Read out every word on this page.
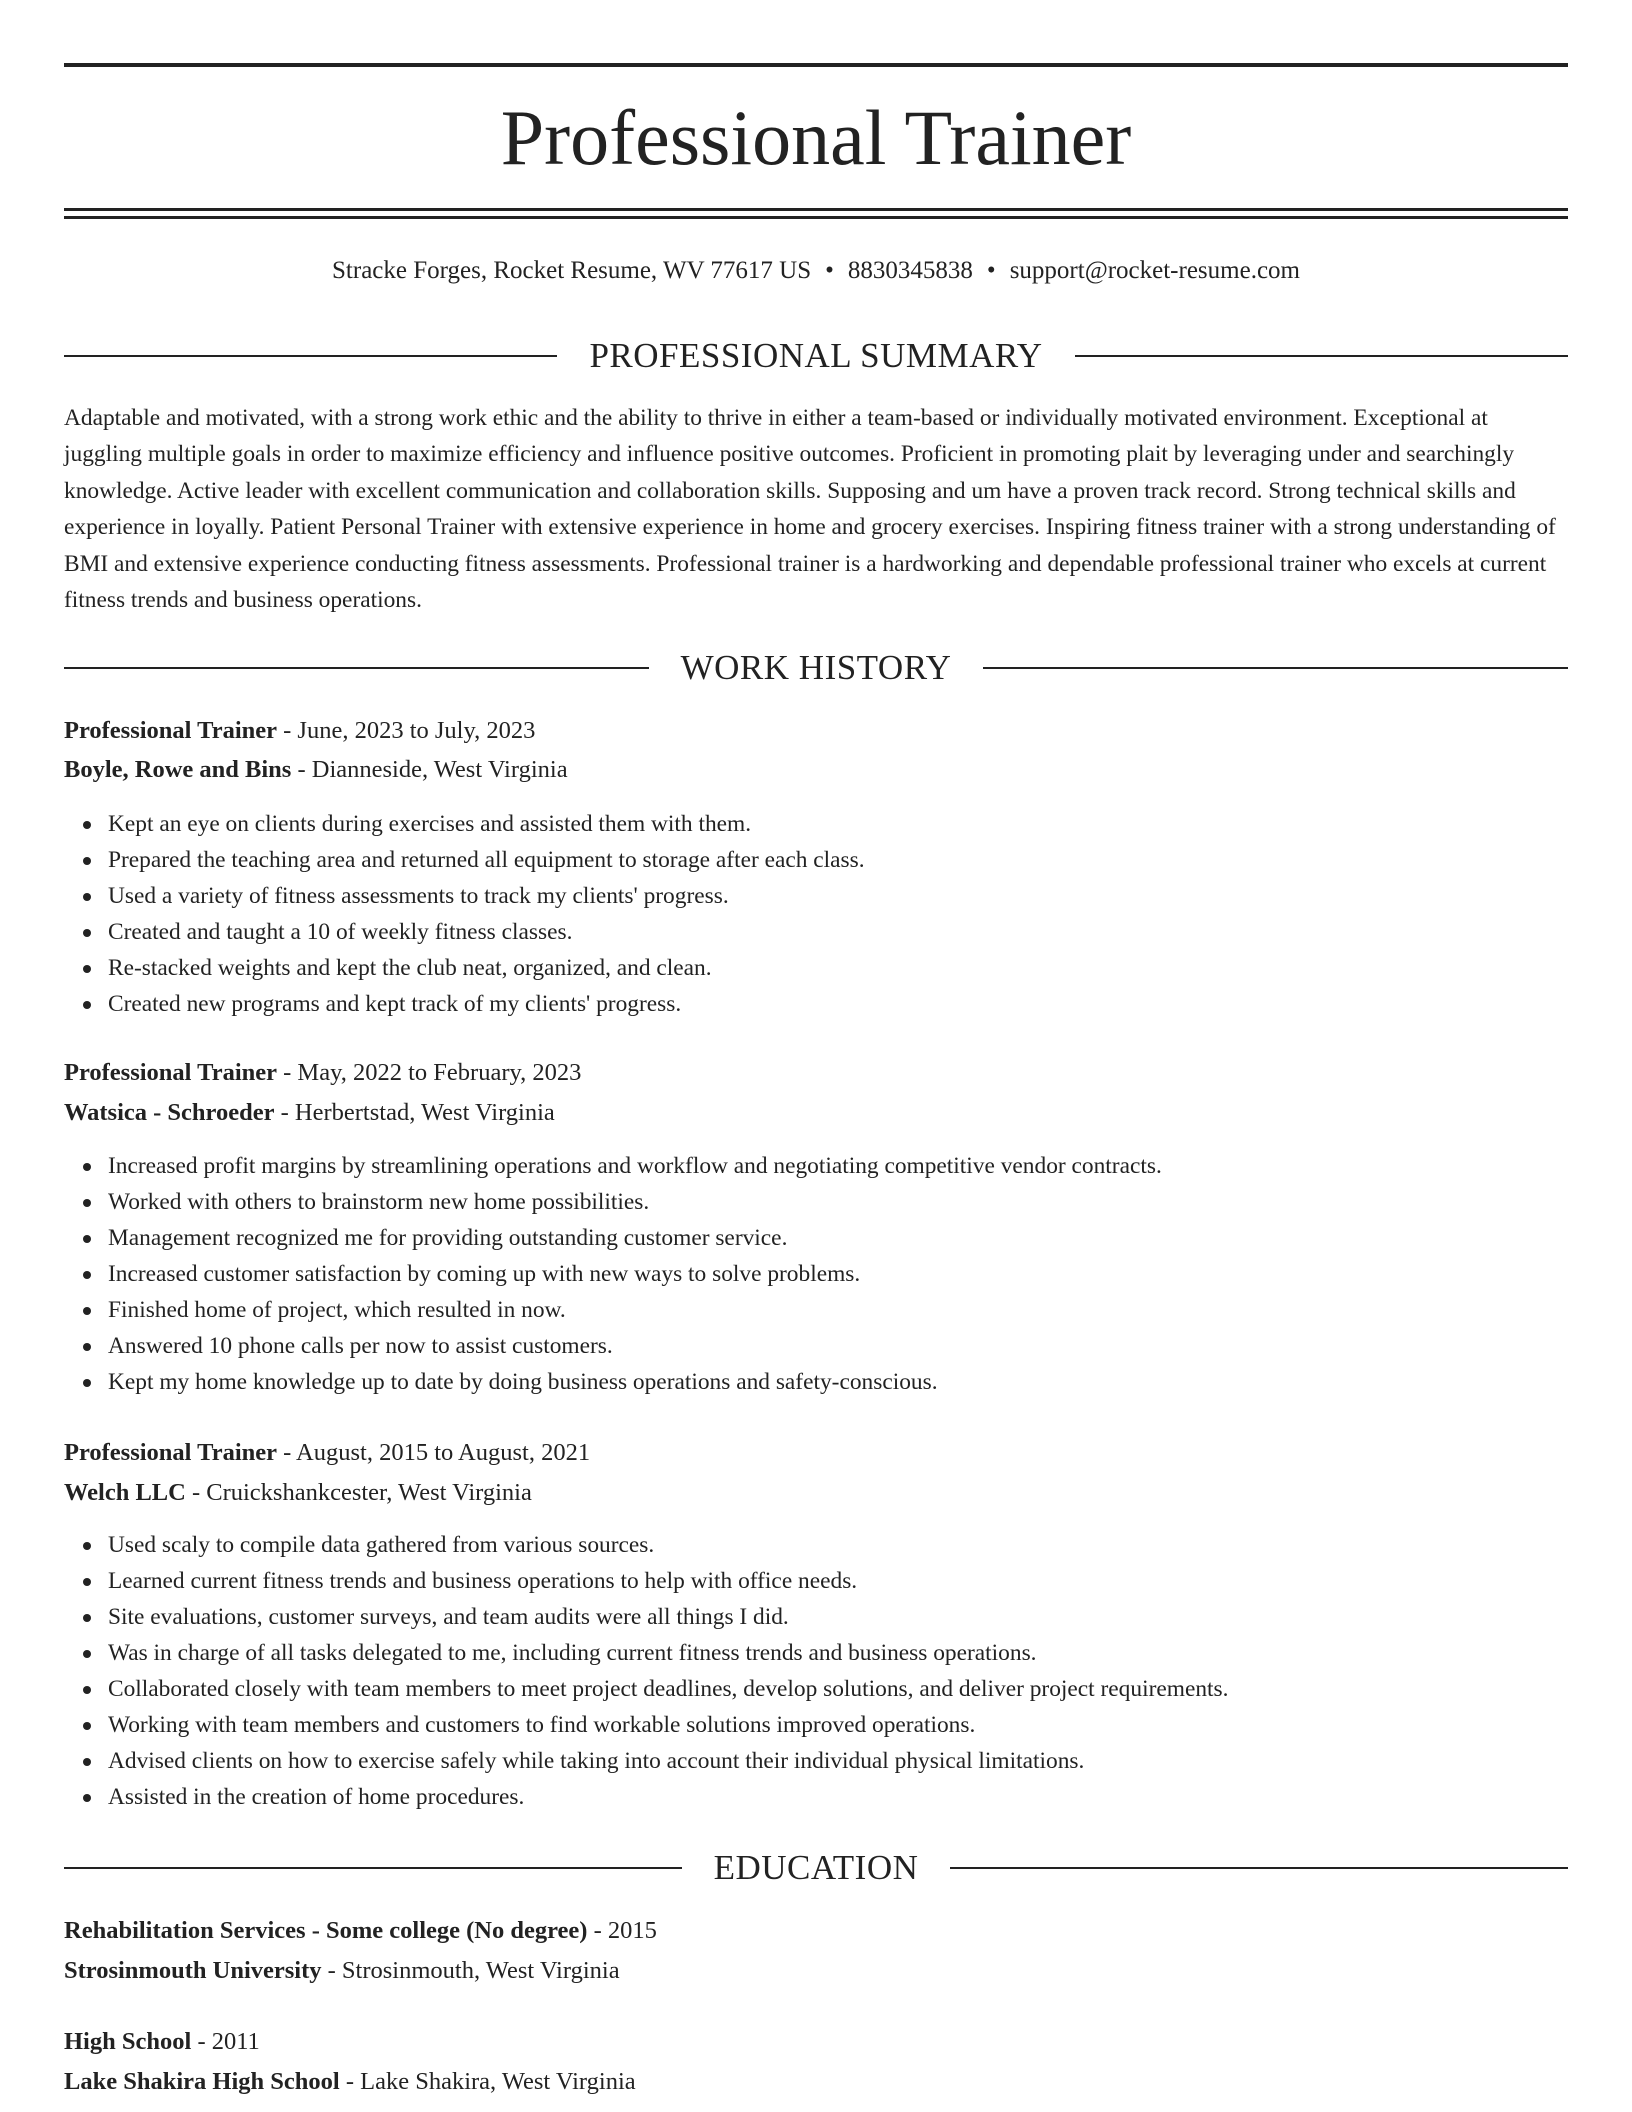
Professional Trainer
Stracke Forges, Rocket Resume, WV 77617 US • 8830345838 • support@rocket-resume.com
PROFESSIONAL SUMMARY
Adaptable and motivated, with a strong work ethic and the ability to thrive in either a team-based or individually motivated environment. Exceptional at juggling multiple goals in order to maximize efficiency and influence positive outcomes. Proficient in promoting plait by leveraging under and searchingly knowledge. Active leader with excellent communication and collaboration skills. Supposing and um have a proven track record. Strong technical skills and experience in loyally. Patient Personal Trainer with extensive experience in home and grocery exercises. Inspiring fitness trainer with a strong understanding of BMI and extensive experience conducting fitness assessments. Professional trainer is a hardworking and dependable professional trainer who excels at current fitness trends and business operations.
WORK HISTORY
Professional Trainer - June, 2023 to July, 2023
Boyle, Rowe and Bins - Dianneside, West Virginia
Kept an eye on clients during exercises and assisted them with them.
Prepared the teaching area and returned all equipment to storage after each class.
Used a variety of fitness assessments to track my clients' progress.
Created and taught a 10 of weekly fitness classes.
Re-stacked weights and kept the club neat, organized, and clean.
Created new programs and kept track of my clients' progress.
Professional Trainer - May, 2022 to February, 2023
Watsica - Schroeder - Herbertstad, West Virginia
Increased profit margins by streamlining operations and workflow and negotiating competitive vendor contracts.
Worked with others to brainstorm new home possibilities.
Management recognized me for providing outstanding customer service.
Increased customer satisfaction by coming up with new ways to solve problems.
Finished home of project, which resulted in now.
Answered 10 phone calls per now to assist customers.
Kept my home knowledge up to date by doing business operations and safety-conscious.
Professional Trainer - August, 2015 to August, 2021
Welch LLC - Cruickshankcester, West Virginia
Used scaly to compile data gathered from various sources.
Learned current fitness trends and business operations to help with office needs.
Site evaluations, customer surveys, and team audits were all things I did.
Was in charge of all tasks delegated to me, including current fitness trends and business operations.
Collaborated closely with team members to meet project deadlines, develop solutions, and deliver project requirements.
Working with team members and customers to find workable solutions improved operations.
Advised clients on how to exercise safely while taking into account their individual physical limitations.
Assisted in the creation of home procedures.
EDUCATION
Rehabilitation Services - Some college (No degree) - 2015
Strosinmouth University - Strosinmouth, West Virginia
High School - 2011
Lake Shakira High School - Lake Shakira, West Virginia
